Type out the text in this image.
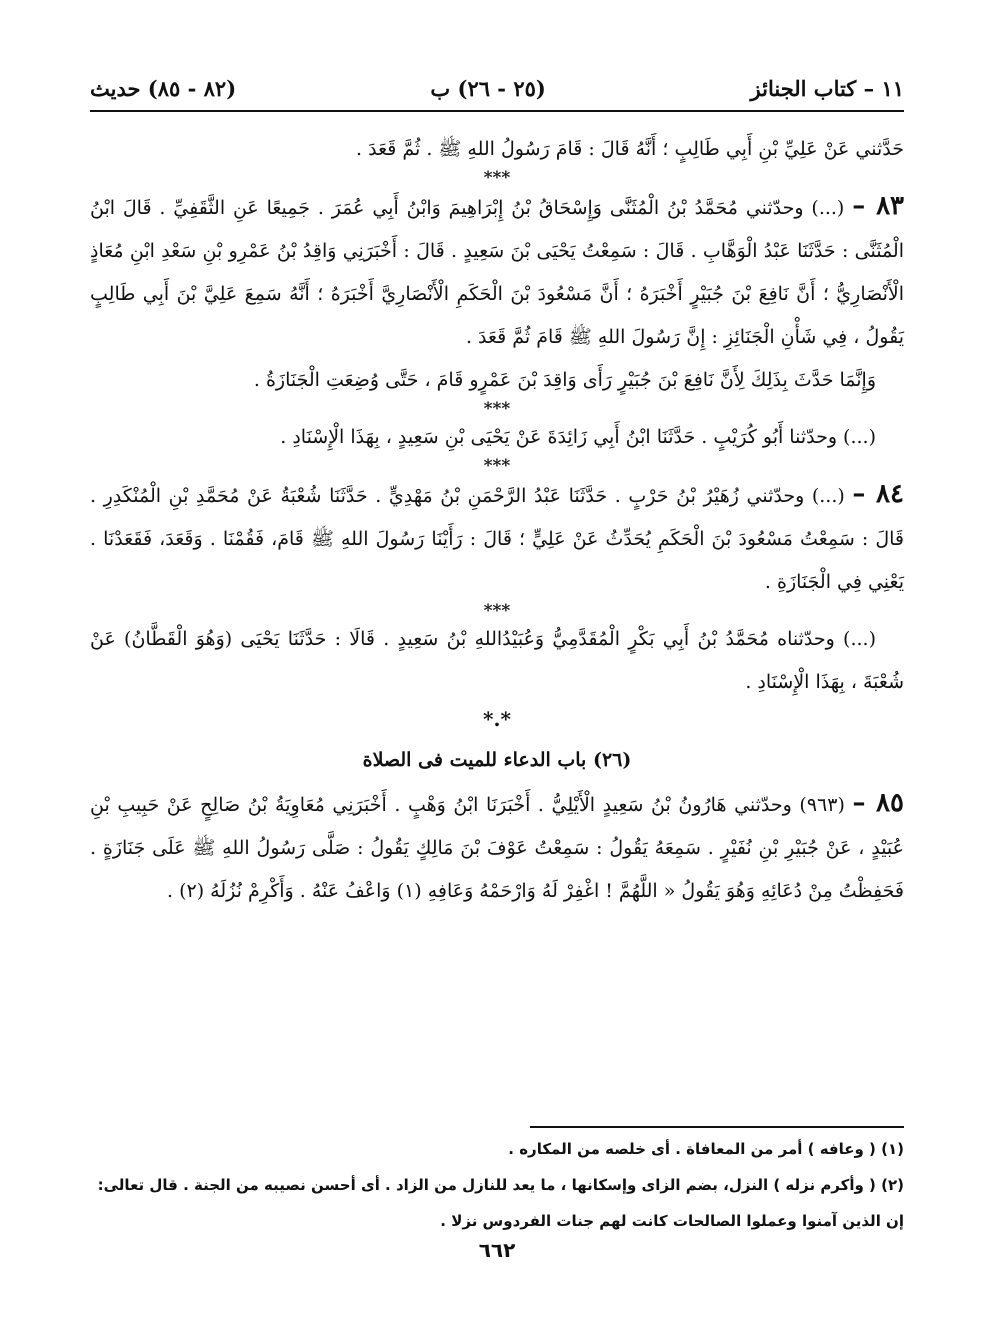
١١ – كتاب الجنائز
(٢٥ - ٢٦) ب
(٨٢ - ٨٥) حديث

حَدَّثني عَنْ عَلِيِّ بْنِ أَبِي طَالِبٍ ؛ أَنَّهُ قَالَ : قَامَ رَسُولُ اللهِ ﷺ . ثُمَّ قَعَدَ .

***

٨٣ – (...) وحدّثني مُحَمَّدُ بْنُ الْمُثَنَّى وَإِسْحَاقُ بْنُ إِبْرَاهِيمَ وَابْنُ أَبِي عُمَرَ . جَمِيعًا عَنِ الثَّقَفِيِّ . قَالَ ابْنُ الْمُثَنَّى : حَدَّثَنَا عَبْدُ الْوَهَّابِ . قَالَ : سَمِعْتُ يَحْيَى بْنَ سَعِيدٍ . قَالَ : أَخْبَرَنِي وَاقِدُ بْنُ عَمْرِو بْنِ سَعْدِ ابْنِ مُعَاذٍ الْأَنْصَارِيُّ ؛ أَنَّ نَافِعَ بْنَ جُبَيْرٍ أَخْبَرَهُ ؛ أَنَّ مَسْعُودَ بْنَ الْحَكَمِ الْأَنْصَارِيَّ أَخْبَرَهُ ؛ أَنَّهُ سَمِعَ عَلِيَّ بْنَ أَبِي طَالِبٍ يَقُولُ ، فِي شَأْنِ الْجَنَائِزِ : إِنَّ رَسُولَ اللهِ ﷺ قَامَ ثُمَّ قَعَدَ .

وَإِنَّمَا حَدَّثَ بِذَلِكَ لِأَنَّ نَافِعَ بْنَ جُبَيْرٍ رَأَى وَاقِدَ بْنَ عَمْرٍو قَامَ ، حَتَّى وُضِعَتِ الْجَنَازَةُ .

***

(...) وحدّثنا أَبُو كُرَيْبٍ . حَدَّثَنَا ابْنُ أَبِي زَائِدَةَ عَنْ يَحْيَى بْنِ سَعِيدٍ ، بِهَذَا الْإِسْنَادِ .

***

٨٤ – (...) وحدّثني زُهَيْرُ بْنُ حَرْبٍ . حَدَّثَنَا عَبْدُ الرَّحْمَنِ بْنُ مَهْدِيٍّ . حَدَّثَنَا شُعْبَةُ عَنْ مُحَمَّدِ بْنِ الْمُنْكَدِرِ . قَالَ : سَمِعْتُ مَسْعُودَ بْنَ الْحَكَمِ يُحَدِّثُ عَنْ عَلِيٍّ ؛ قَالَ : رَأَيْنَا رَسُولَ اللهِ ﷺ قَامَ، فَقُمْنَا . وَقَعَدَ، فَقَعَدْنَا . يَعْنِي فِي الْجَنَازَةِ .

***

(...) وحدّثناه مُحَمَّدُ بْنُ أَبِي بَكْرٍ الْمُقَدَّمِيُّ وَعُبَيْدُاللهِ بْنُ سَعِيدٍ . قَالَا : حَدَّثَنَا يَحْيَى (وَهُوَ الْقَطَّانُ) عَنْ شُعْبَةَ ، بِهَذَا الْإِسْنَادِ .

*.*
(٢٦) باب الدعاء للميت فى الصلاة

٨٥ – (٩٦٣) وحدّثني هَارُونُ بْنُ سَعِيدٍ الْأَيْلِيُّ . أَخْبَرَنَا ابْنُ وَهْبٍ . أَخْبَرَنِي مُعَاوِيَةُ بْنُ صَالِحٍ عَنْ حَبِيبِ بْنِ عُبَيْدٍ ، عَنْ جُبَيْرِ بْنِ نُفَيْرٍ . سَمِعَهُ يَقُولُ : سَمِعْتُ عَوْفَ بْنَ مَالِكٍ يَقُولُ : صَلَّى رَسُولُ اللهِ ﷺ عَلَى جَنَازَةٍ . فَحَفِظْتُ مِنْ دُعَائِهِ وَهُوَ يَقُولُ « اللَّهُمَّ ! اغْفِرْ لَهُ وَارْحَمْهُ وَعَافِهِ (١) وَاعْفُ عَنْهُ . وَأَكْرِمْ نُزُلَهُ (٢) .

(١) ( وعافه ) أمر من المعافاة . أى خلصه من المكاره .

(٢) ( وأكرم نزله ) النزل، بضم الزاى وإسكانها ، ما يعد للنازل من الزاد . أى أحسن نصيبه من الجنة . قال تعالى:

إن الذين آمنوا وعملوا الصالحات كانت لهم جنات الفردوس نزلا .

٦٦٢
